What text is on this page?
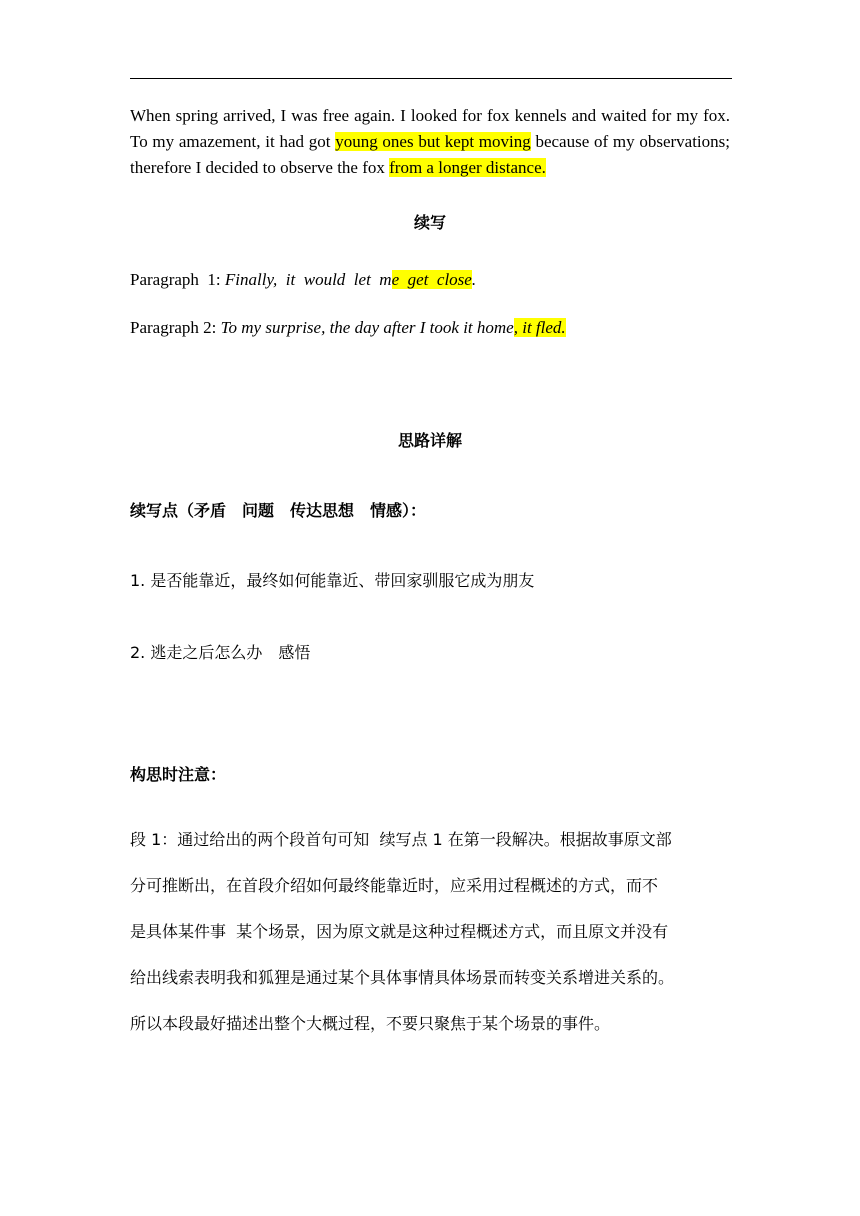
When spring arrived, I was free again. I looked for fox kennels and waited for my fox. To my amazement, it had got young ones but kept moving because of my observations; therefore I decided to observe the fox from a longer distance.
续写
Paragraph  1: Finally,  it  would  let  me  get  close.
Paragraph 2: To my surprise, the day after I took it home, it fled.
思路详解
续写点（矛盾　问题　传达思想　情感）：
1. 是否能靠近，最终如何能靠近、带回家驯服它成为朋友
2. 逃走之后怎么办　感悟
构思时注意：
段 1：通过给出的两个段首句可知  续写点 1 在第一段解决。根据故事原文部
分可推断出，在首段介绍如何最终能靠近时，应采用过程概述的方式，而不
是具体某件事  某个场景，因为原文就是这种过程概述方式，而且原文并没有
给出线索表明我和狐狸是通过某个具体事情具体场景而转变关系增进关系的。
所以本段最好描述出整个大概过程，不要只聚焦于某个场景的事件。
